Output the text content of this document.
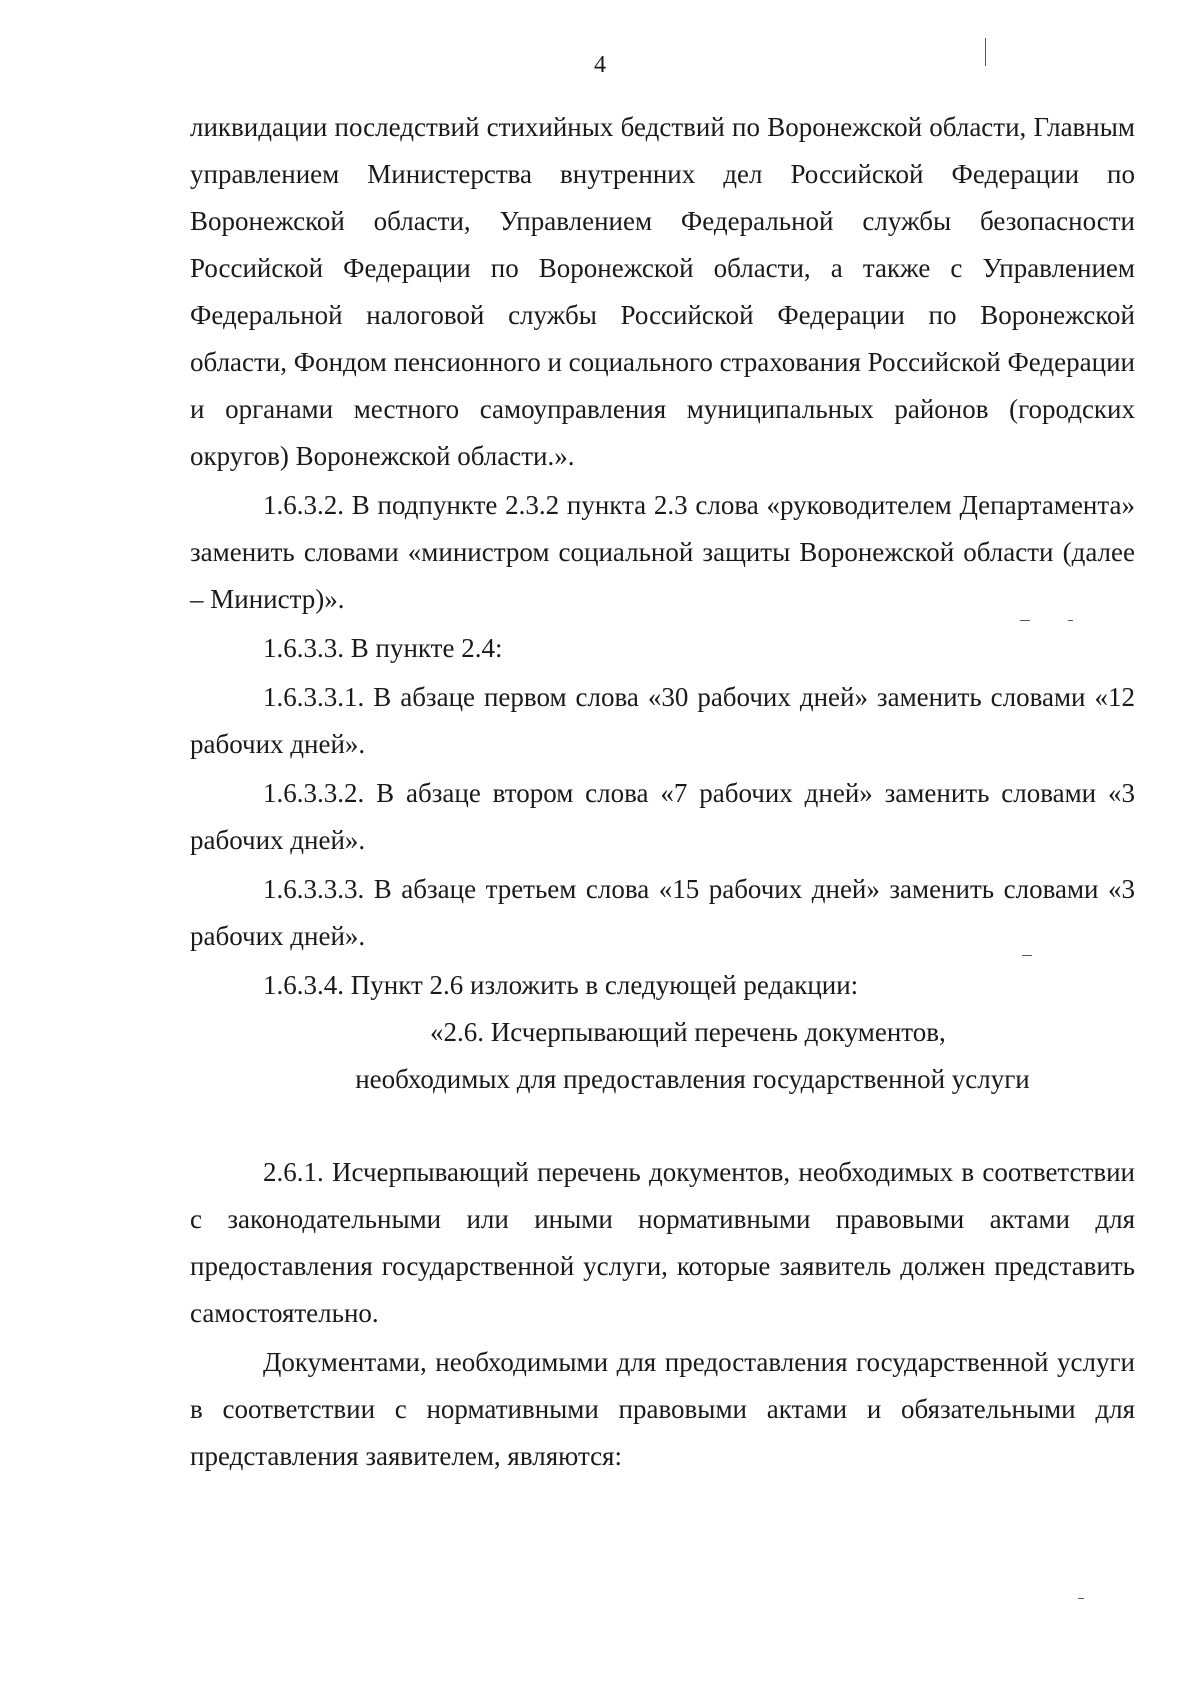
4

ликвидации последствий стихийных бедствий по Воронежской области, Главным управлением Министерства внутренних дел Российской Федерации по Воронежской области, Управлением Федеральной службы безопасности Российской Федерации по Воронежской области, а также с Управлением Федеральной налоговой службы Российской Федерации по Воронежской области, Фондом пенсионного и социального страхования Российской Федерации и органами местного самоуправления муниципальных районов (городских округов) Воронежской области.».

1.6.3.2. В подпункте 2.3.2 пункта 2.3 слова «руководителем Департамента» заменить словами «министром социальной защиты Воронежской области (далее – Министр)».

1.6.3.3. В пункте 2.4:

1.6.3.3.1. В абзаце первом слова «30 рабочих дней» заменить словами «12 рабочих дней».

1.6.3.3.2. В абзаце втором слова «7 рабочих дней» заменить словами «3 рабочих дней».

1.6.3.3.3. В абзаце третьем слова «15 рабочих дней» заменить словами «3 рабочих дней».

1.6.3.4. Пункт 2.6 изложить в следующей редакции:

«2.6. Исчерпывающий перечень документов,

необходимых для предоставления государственной услуги

2.6.1. Исчерпывающий перечень документов, необходимых в соответствии с законодательными или иными нормативными правовыми актами для предоставления государственной услуги, которые заявитель должен представить самостоятельно.

Документами, необходимыми для предоставления государственной услуги в соответствии с нормативными правовыми актами и обязательными для представления заявителем, являются:
